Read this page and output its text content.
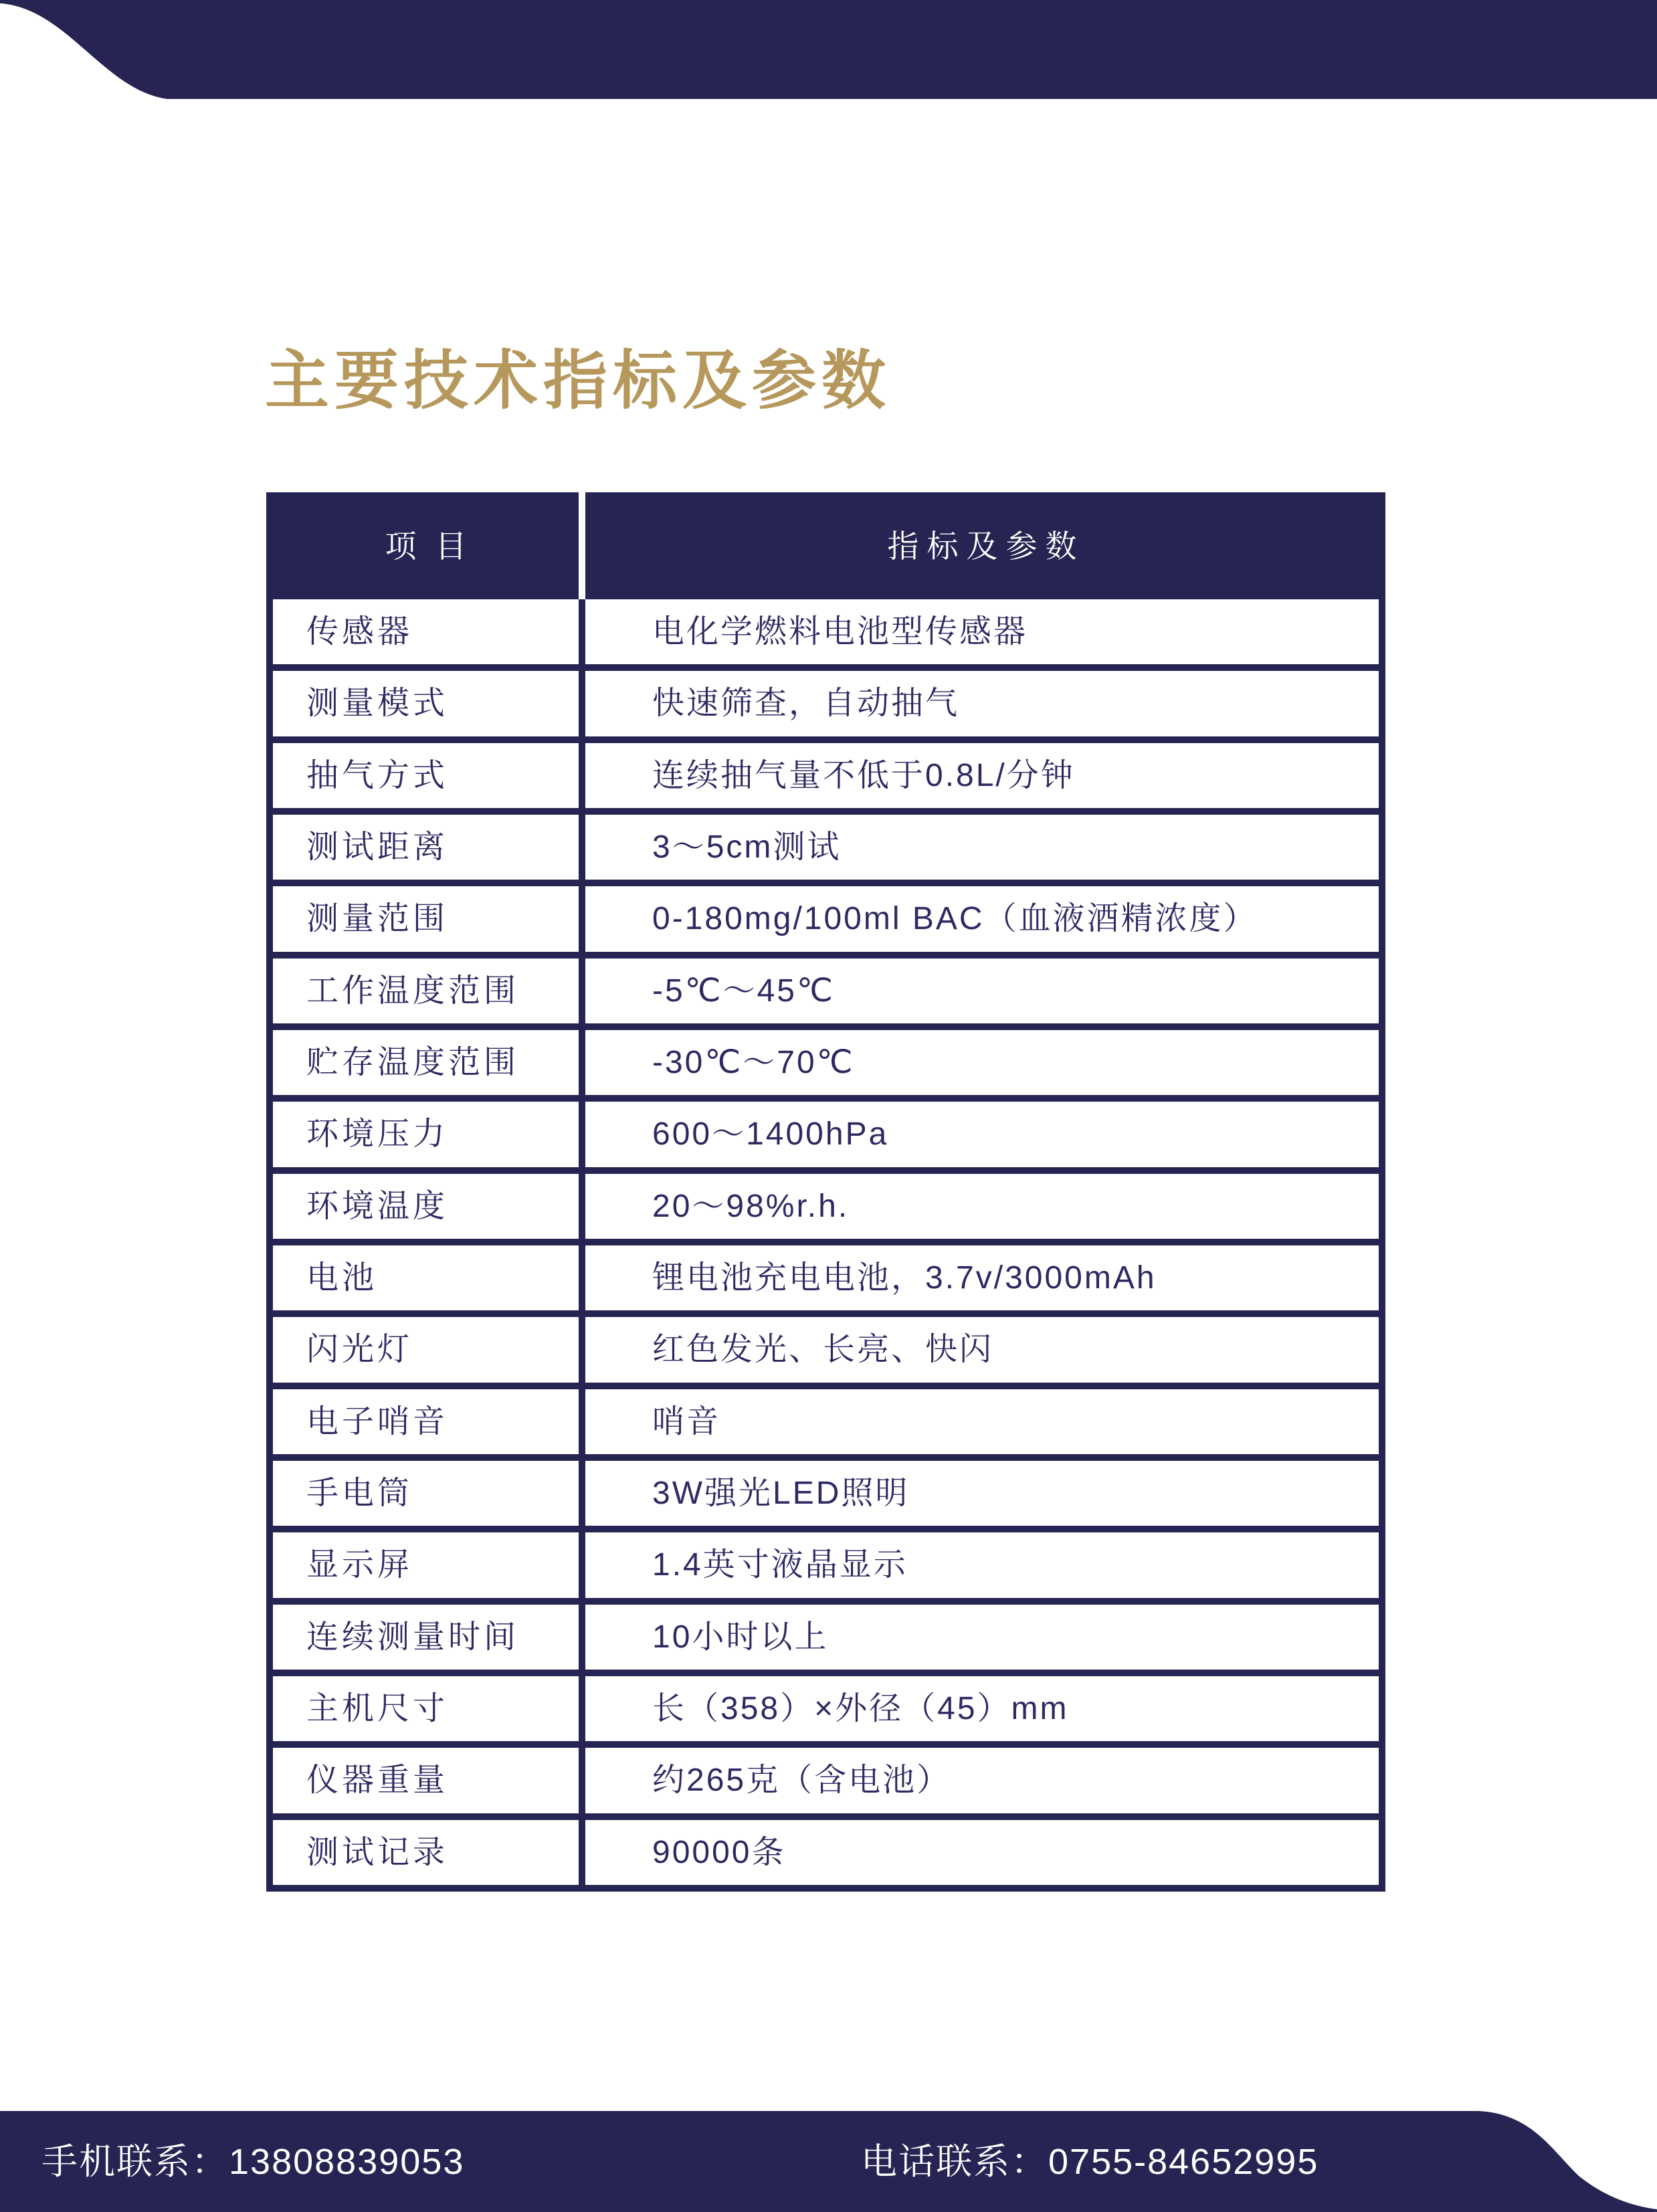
主要技术指标及参数
项目	指标及参数
传感器	电化学燃料电池型传感器
测量模式	快速筛查，自动抽气
抽气方式	连续抽气量不低于0.8L/分钟
测试距离	3～5cm测试
测量范围	0-180mg/100ml BAC（血液酒精浓度）
工作温度范围	-5℃～45℃
贮存温度范围	-30℃～70℃
环境压力	600～1400hPa
环境温度	20～98%r.h.
电池	锂电池充电电池，3.7v/3000mAh
闪光灯	红色发光、长亮、快闪
电子哨音	哨音
手电筒	3W强光LED照明
显示屏	1.4英寸液晶显示
连续测量时间	10小时以上
主机尺寸	长（358）×外径（45）mm
仪器重量	约265克（含电池）
测试记录	90000条
手机联系：13808839053	电话联系：0755-84652995
